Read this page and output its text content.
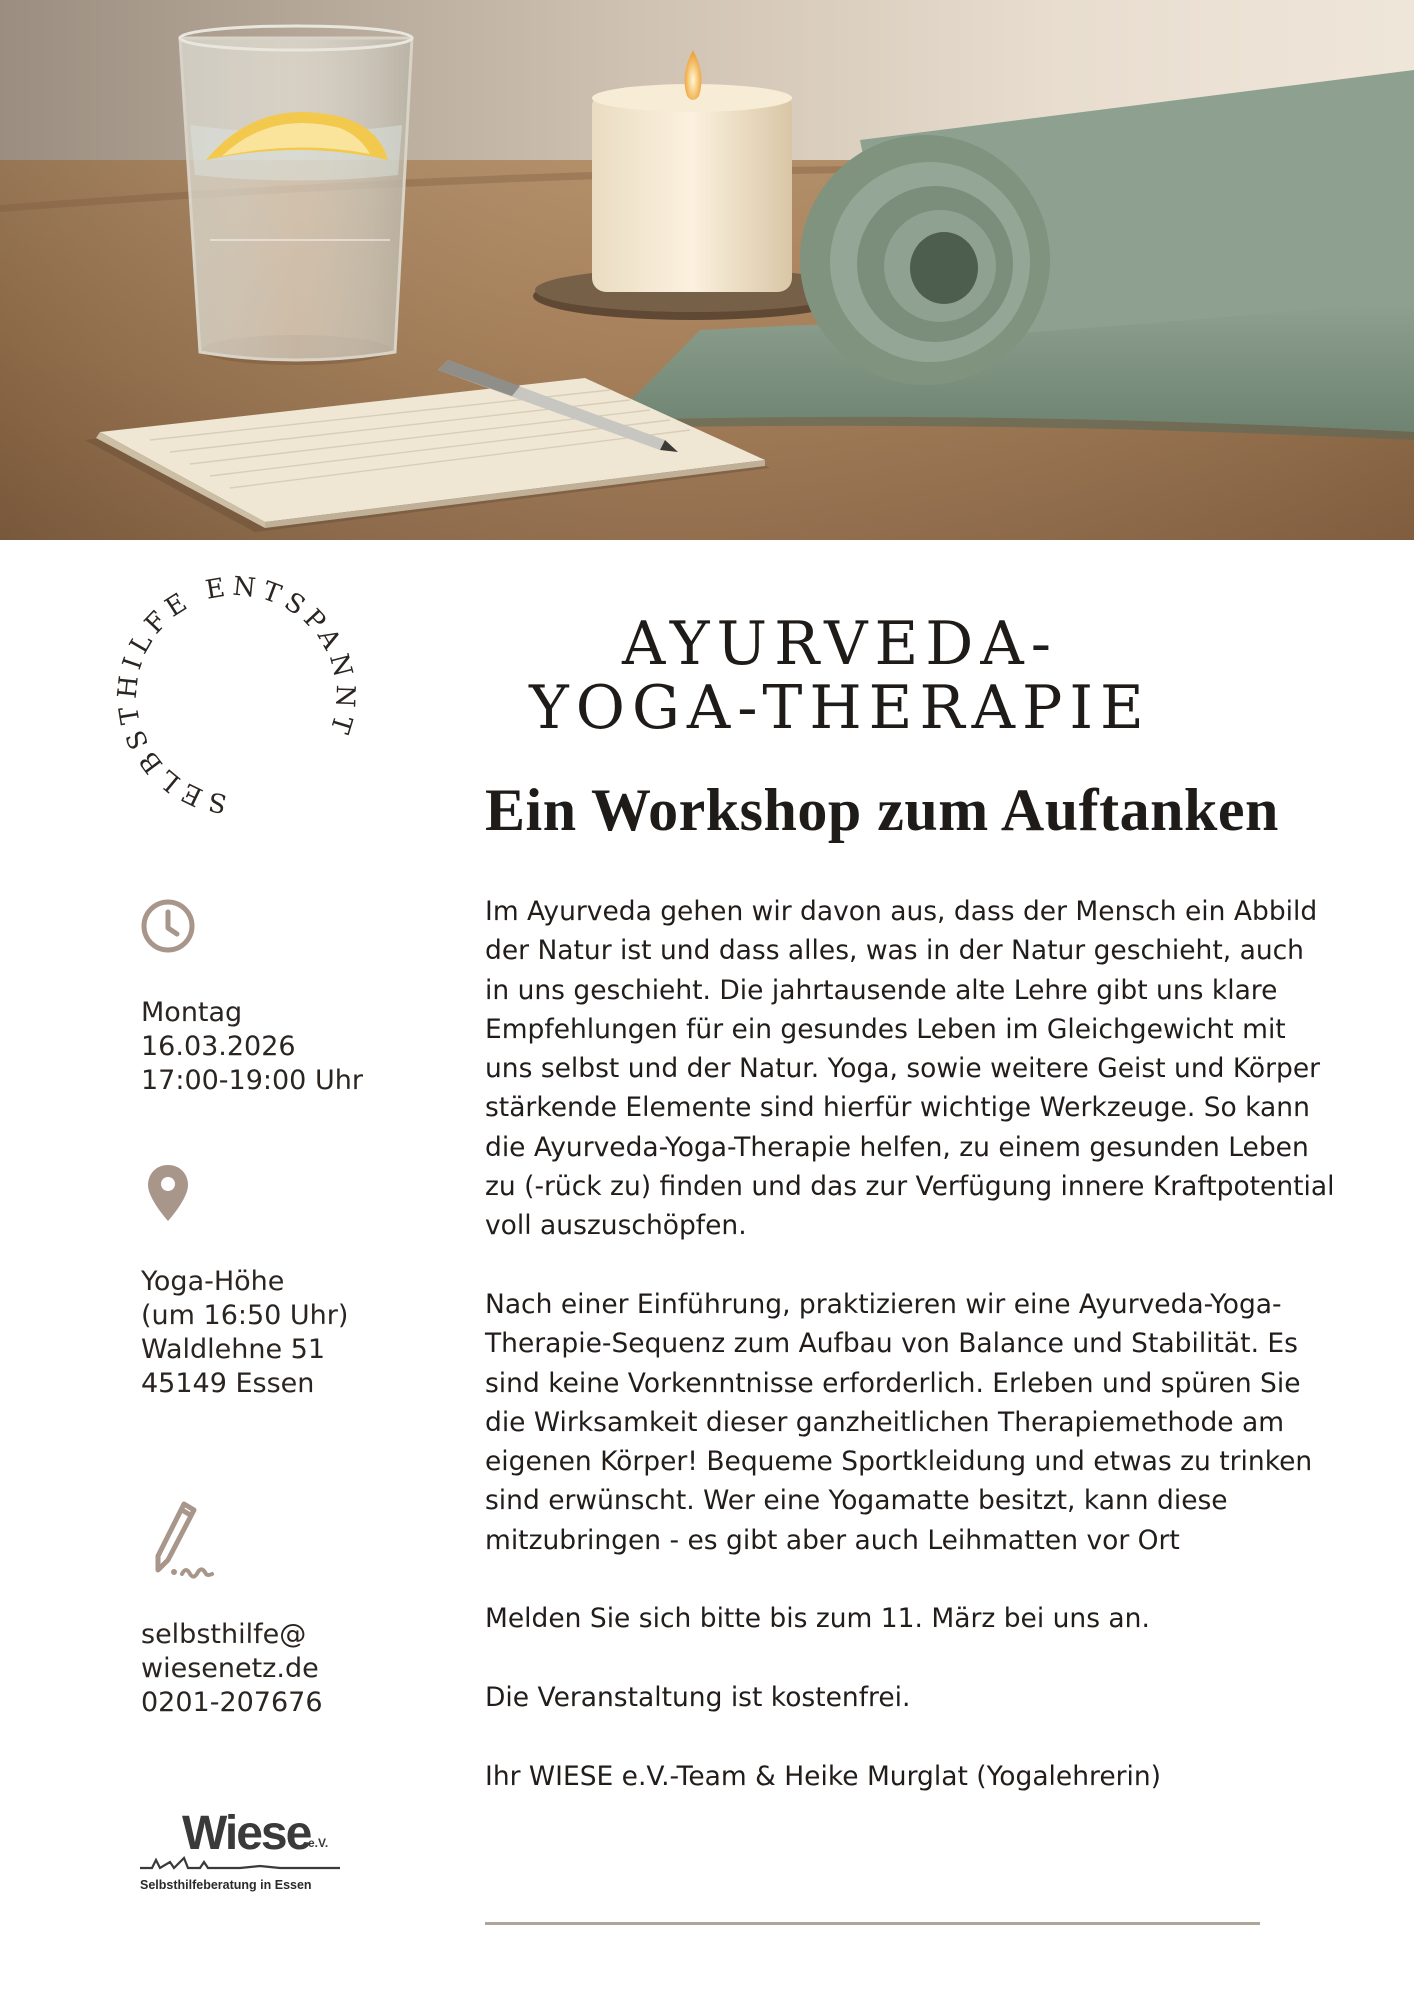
SELBSTHILFE ENTSPANNT
AYURVEDA-
YOGA-THERAPIE
Ein Workshop zum Auftanken
Montag
16.03.2026
17:00-19:00 Uhr
Yoga-Höhe
(um 16:50 Uhr)
Waldlehne 51
45149 Essen
selbsthilfe@
wiesenetz.de
0201-207676
Wiese
e.V.
Selbsthilfeberatung in Essen

Im Ayurveda gehen wir davon aus, dass der Mensch ein Abbild der Natur ist und dass alles, was in der Natur geschieht, auch in uns geschieht. Die jahrtausende alte Lehre gibt uns klare Empfehlungen für ein gesundes Leben im Gleichgewicht mit uns selbst und der Natur. Yoga, sowie weitere Geist und Körper stärkende Elemente sind hierfür wichtige Werkzeuge. So kann die Ayurveda-Yoga-Therapie helfen, zu einem gesunden Leben zu (-rück zu) finden und das zur Verfügung innere Kraftpotential voll auszuschöpfen.

Nach einer Einführung, praktizieren wir eine Ayurveda-Yoga-Therapie-Sequenz zum Aufbau von Balance und Stabilität. Es sind keine Vorkenntnisse erforderlich. Erleben und spüren Sie die Wirksamkeit dieser ganzheitlichen Therapiemethode am eigenen Körper! Bequeme Sportkleidung und etwas zu trinken sind erwünscht. Wer eine Yogamatte besitzt, kann diese mitzubringen - es gibt aber auch Leihmatten vor Ort

Melden Sie sich bitte bis zum 11. März bei uns an.

Die Veranstaltung ist kostenfrei.

Ihr WIESE e.V.-Team & Heike Murglat (Yogalehrerin)
